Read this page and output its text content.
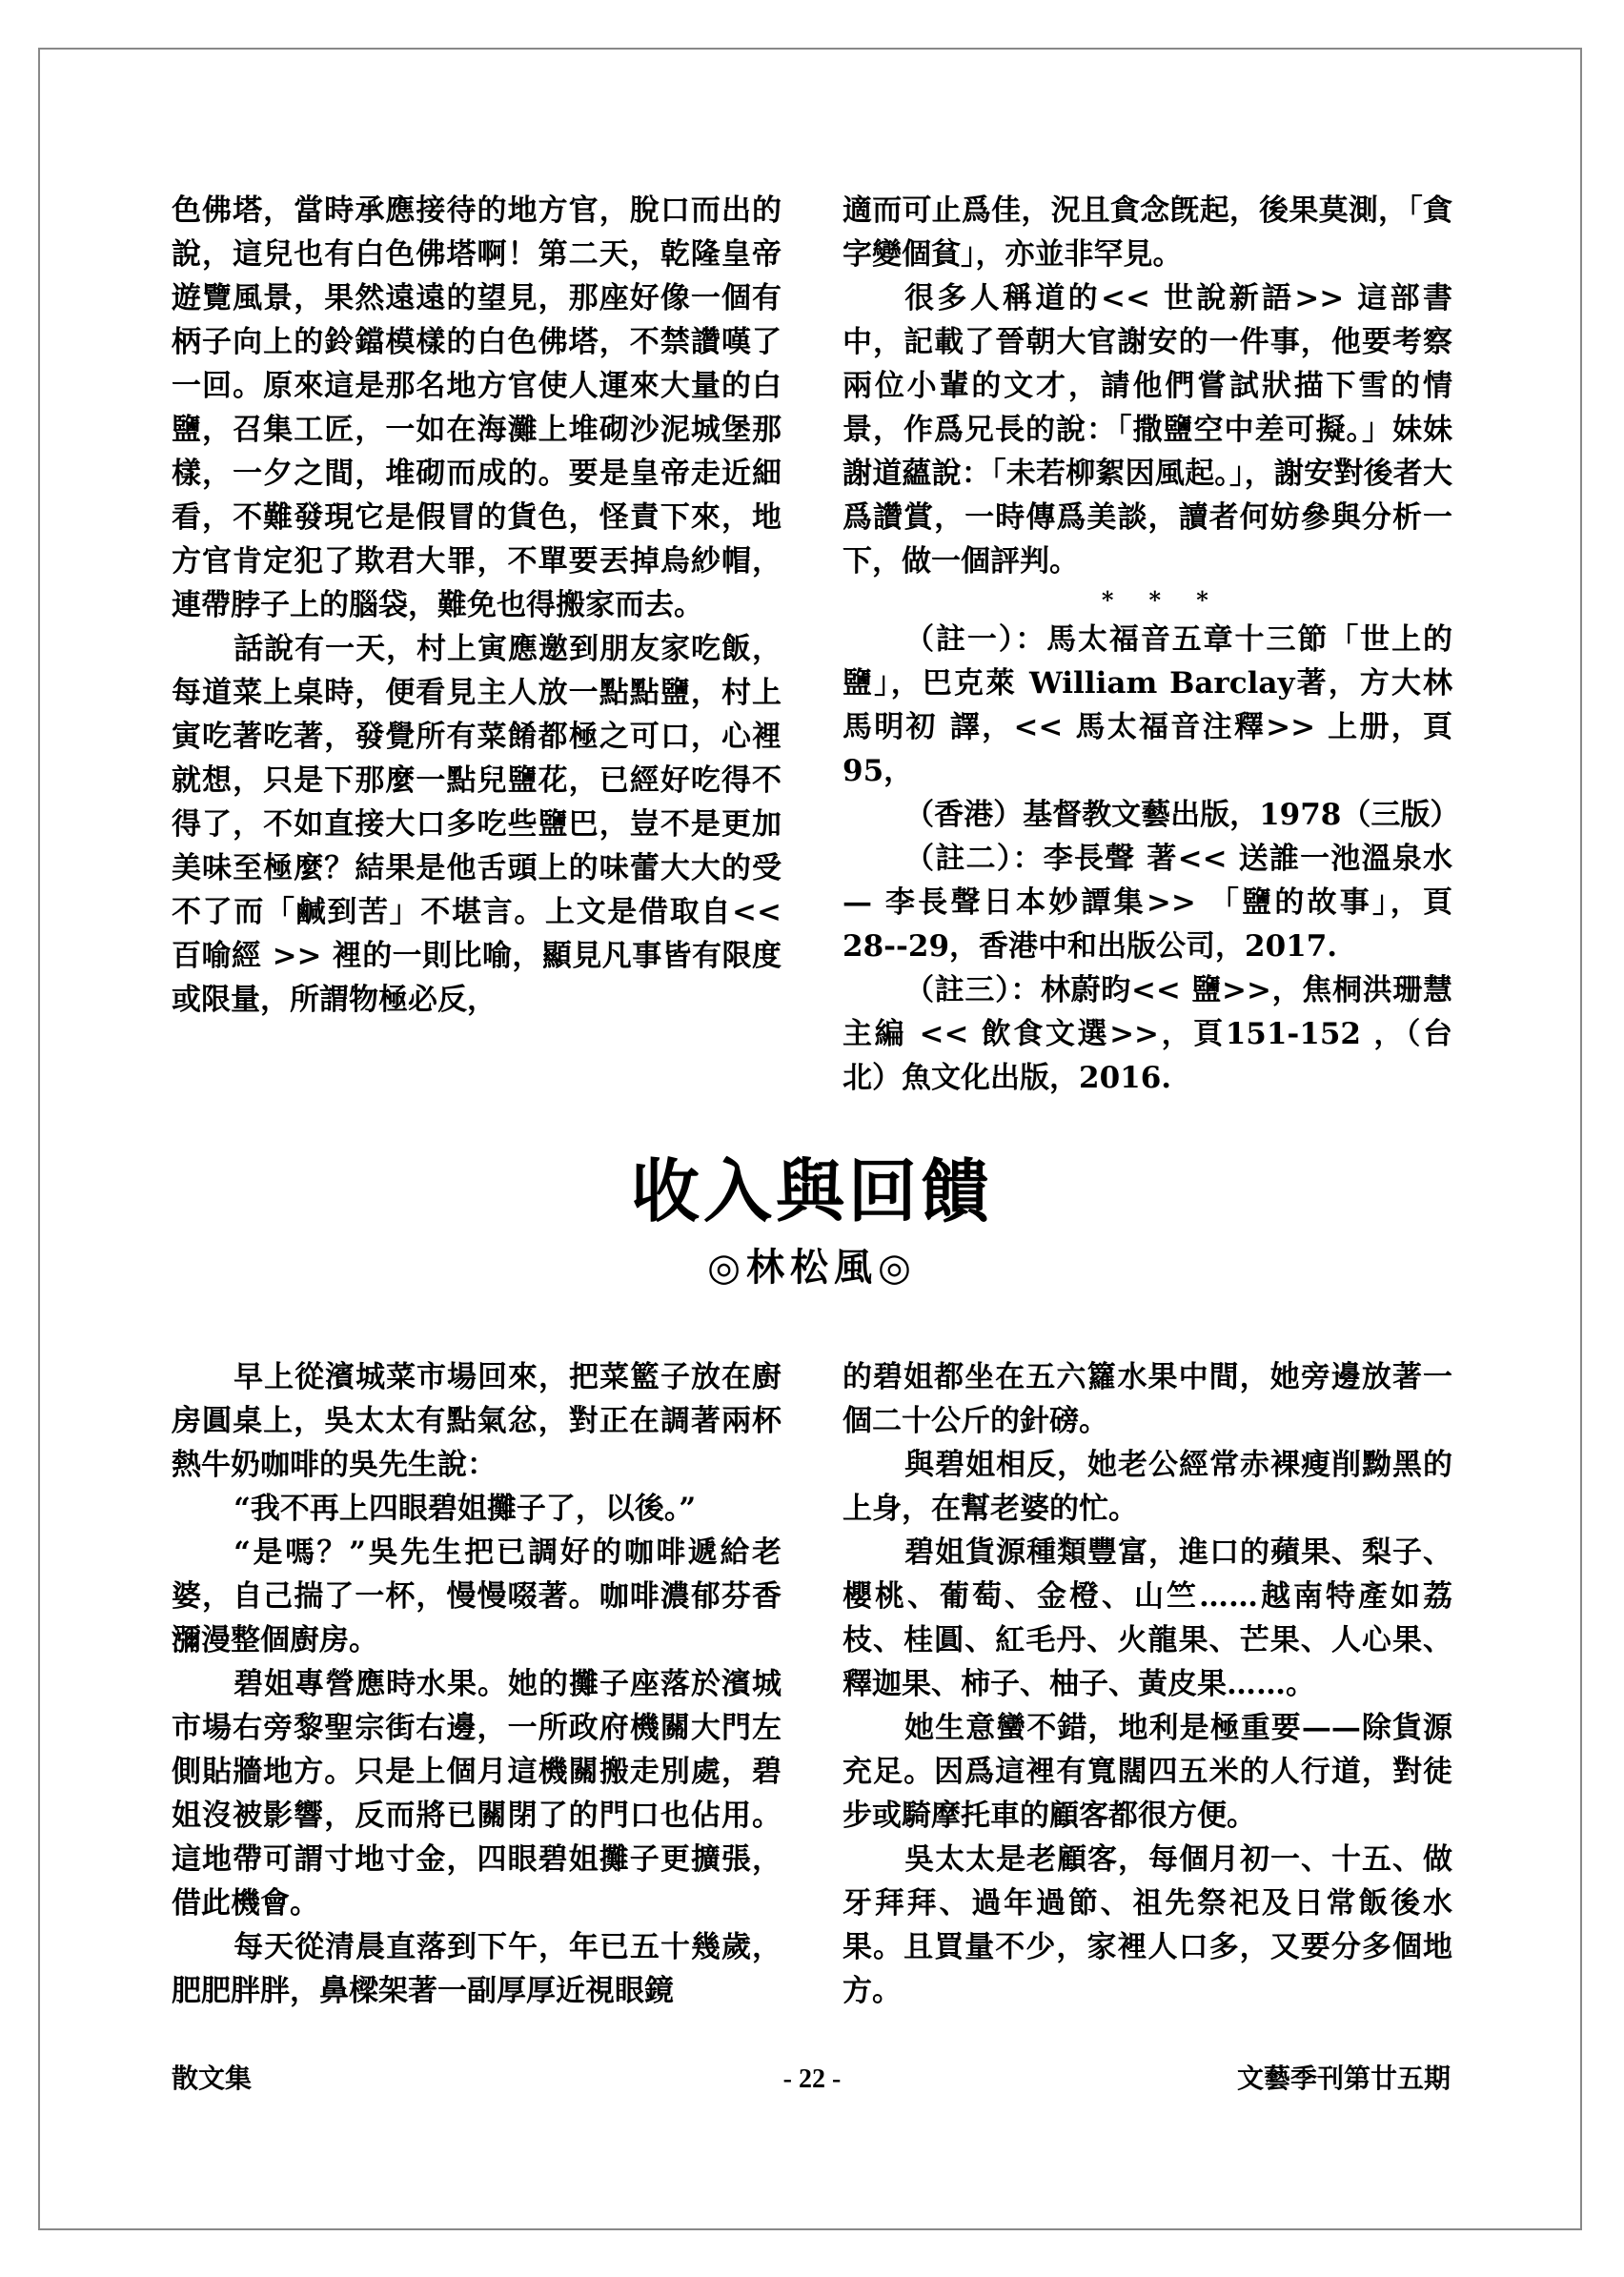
色佛塔，當時承應接待的地方官，脫口而出的說，這兒也有白色佛塔啊！第二天，乾隆皇帝遊覽風景，果然遠遠的望見，那座好像一個有柄子向上的鈴鐺模樣的白色佛塔，不禁讚嘆了一回。原來這是那名地方官使人運來大量的白鹽，召集工匠，一如在海灘上堆砌沙泥城堡那樣，一夕之間，堆砌而成的。要是皇帝走近細看，不難發現它是假冒的貨色，怪責下來，地方官肯定犯了欺君大罪，不單要丟掉烏紗帽，連帶脖子上的腦袋，難免也得搬家而去。

話說有一天，村上寅應邀到朋友家吃飯，每道菜上桌時，便看見主人放一點點鹽，村上寅吃著吃著，發覺所有菜餚都極之可口，心裡就想，只是下那麼一點兒鹽花，已經好吃得不得了，不如直接大口多吃些鹽巴，豈不是更加美味至極麼？結果是他舌頭上的味蕾大大的受不了而「鹹到苦」不堪言。上文是借取自<< 百喻經 >> 裡的一則比喻，顯見凡事皆有限度或限量，所謂物極必反，

適而可止爲佳，況且貪念旣起，後果莫測，「貪字變個貧」，亦並非罕見。

很多人稱道的<< 世說新語>> 這部書中，記載了晉朝大官謝安的一件事，他要考察兩位小輩的文才，請他們嘗試狀描下雪的情景，作爲兄長的說：「撒鹽空中差可擬。」妹妹謝道蘊說：「未若柳絮因風起。」，謝安對後者大爲讚賞，一時傳爲美談，讀者何妨參與分析一下，做一個評判。

* * *

（註一）：馬太福音五章十三節「世上的鹽」，巴克萊 William Barclay著，方大林馬明初 譯，<< 馬太福音注釋>> 上册，頁95，

（香港）基督教文藝出版，1978（三版）

（註二）：李長聲 著<< 送誰一池溫泉水 — 李長聲日本妙譚集>> 「鹽的故事」，頁28--29，香港中和出版公司，2017.

（註三）：林蔚昀<< 鹽>>，焦桐洪珊慧主編 << 飲食文選>>，頁151-152 ，（台北）魚文化出版，2016.

收入與回饋
◎林松風◎

早上從濱城菜市場回來，把菜籃子放在廚房圓桌上，吳太太有點氣忿，對正在調著兩杯熱牛奶咖啡的吳先生說：

“我不再上四眼碧姐攤子了，以後。”

“是嗎？”吳先生把已調好的咖啡遞給老婆，自己揣了一杯，慢慢啜著。咖啡濃郁芬香瀰漫整個廚房。

碧姐專營應時水果。她的攤子座落於濱城市場右旁黎聖宗街右邊，一所政府機關大門左側貼牆地方。只是上個月這機關搬走別處，碧姐沒被影響，反而將已關閉了的門口也佔用。這地帶可謂寸地寸金，四眼碧姐攤子更擴張，借此機會。

每天從清晨直落到下午，年已五十幾歲，肥肥胖胖，鼻樑架著一副厚厚近視眼鏡

的碧姐都坐在五六籮水果中間，她旁邊放著一個二十公斤的針磅。

與碧姐相反，她老公經常赤裸瘦削黝黑的上身，在幫老婆的忙。

碧姐貨源種類豐富，進口的蘋果、梨子、櫻桃、葡萄、金橙、山竺……越南特產如荔枝、桂圓、紅毛丹、火龍果、芒果、人心果、釋迦果、柿子、柚子、黃皮果……。

她生意蠻不錯，地利是極重要——除貨源充足。因爲這裡有寬闊四五米的人行道，對徒步或騎摩托車的顧客都很方便。

吳太太是老顧客，每個月初一、十五、做牙拜拜、過年過節、祖先祭祀及日常飯後水果。且買量不少，家裡人口多，又要分多個地方。

散文集	- 22 -	文藝季刊第廿五期
